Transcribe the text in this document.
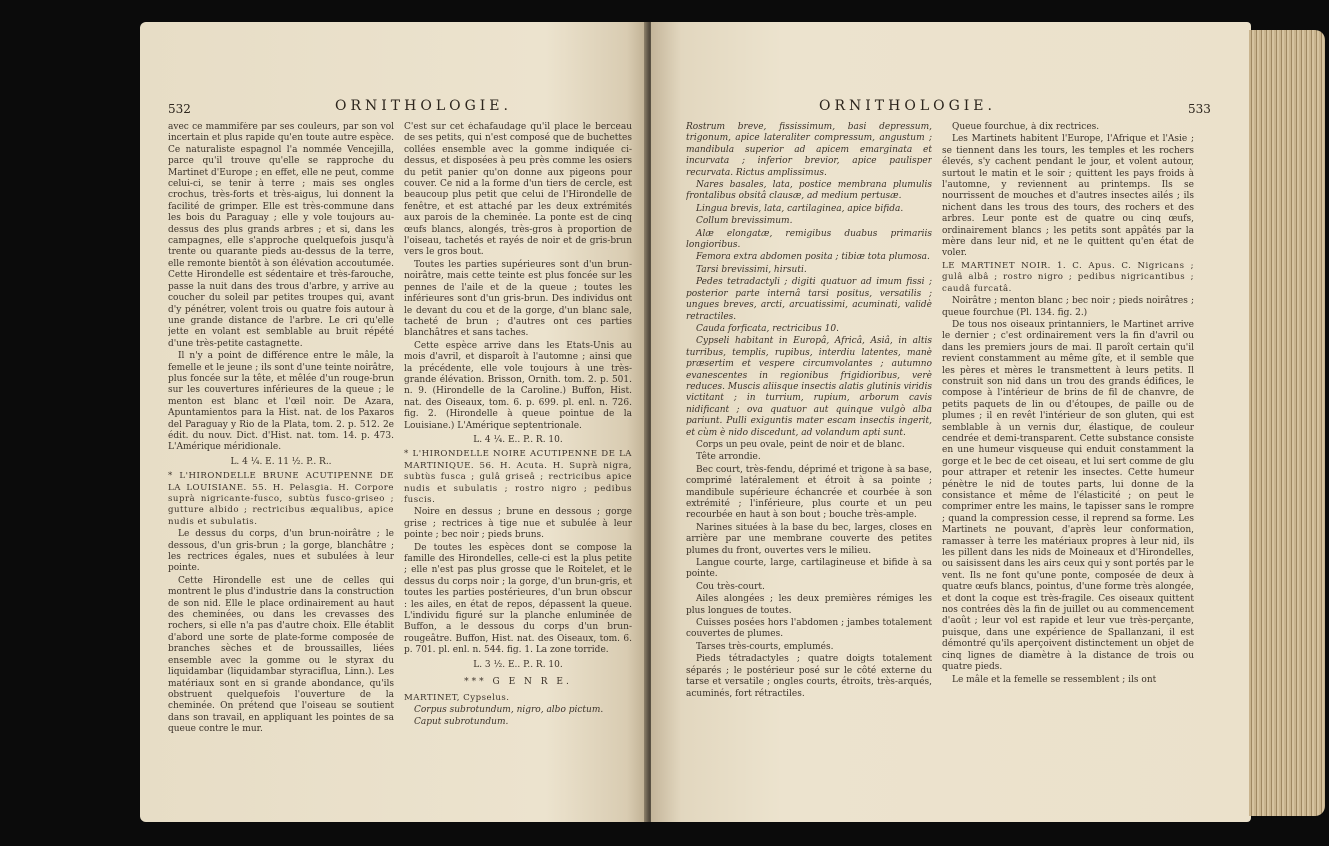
532	ORNITHOLOGIE.

avec ce mammifère par ses couleurs, par son vol incertain et plus rapide qu'en toute autre espèce. Ce naturaliste espagnol l'a nommée Vencejilla, parce qu'il trouve qu'elle se rapproche du Martinet d'Europe ; en effet, elle ne peut, comme celui-ci, se tenir à terre ; mais ses ongles crochus, très-forts et très-aigus, lui donnent la facilité de grimper. Elle est très-commune dans les bois du Paraguay ; elle y vole toujours au-dessus des plus grands arbres ; et si, dans les campagnes, elle s'approche quelquefois jusqu'à trente ou quarante pieds au-dessus de la terre, elle remonte bientôt à son élévation accoutumée. Cette Hirondelle est sédentaire et très-farouche, passe la nuit dans des trous d'arbre, y arrive au coucher du soleil par petites troupes qui, avant d'y pénétrer, volent trois ou quatre fois autour à une grande distance de l'arbre. Le cri qu'elle jette en volant est semblable au bruit répété d'une très-petite castagnette.

Il n'y a point de différence entre le mâle, la femelle et le jeune ; ils sont d'une teinte noirâtre, plus foncée sur la tête, et mêlée d'un rouge-brun sur les couvertures inférieures de la queue ; le menton est blanc et l'œil noir. De Azara, Apuntamientos para la Hist. nat. de los Paxaros del Paraguay y Rio de la Plata, tom. 2. p. 512. 2e édit. du nouv. Dict. d'Hist. nat. tom. 14. p. 473. L'Amérique méridionale.

L. 4 ¼. E. 11 ½. P.. R..

* L'HIRONDELLE BRUNE ACUTIPENNE DE LA LOUISIANE. 55. H. Pelasgia. H. Corpore suprà nigricante-fusco, subtùs fusco-griseo ; gutture albido ; rectricibus æqualibus, apice nudis et subulatis.

Le dessus du corps, d'un brun-noirâtre ; le dessous, d'un gris-brun ; la gorge, blanchâtre ; les rectrices égales, nues et subulées à leur pointe.

Cette Hirondelle est une de celles qui montrent le plus d'industrie dans la construction de son nid. Elle le place ordinairement au haut des cheminées, ou dans les crevasses des rochers, si elle n'a pas d'autre choix. Elle établit d'abord une sorte de plate-forme composée de branches sèches et de broussailles, liées ensemble avec la gomme ou le styrax du liquidambar (liquidambar styraciflua, Linn.). Les matériaux sont en si grande abondance, qu'ils obstruent quelquefois l'ouverture de la cheminée. On prétend que l'oiseau se soutient dans son travail, en appliquant les pointes de sa queue contre le mur.

C'est sur cet échafaudage qu'il place le berceau de ses petits, qui n'est composé que de buchettes collées ensemble avec la gomme indiquée ci-dessus, et disposées à peu près comme les osiers du petit panier qu'on donne aux pigeons pour couver. Ce nid a la forme d'un tiers de cercle, est beaucoup plus petit que celui de l'Hirondelle de fenêtre, et est attaché par les deux extrémités aux parois de la cheminée. La ponte est de cinq œufs blancs, alongés, très-gros à proportion de l'oiseau, tachetés et rayés de noir et de gris-brun vers le gros bout.

Toutes les parties supérieures sont d'un brun-noirâtre, mais cette teinte est plus foncée sur les pennes de l'aile et de la queue ; toutes les inférieures sont d'un gris-brun. Des individus ont le devant du cou et de la gorge, d'un blanc sale, tacheté de brun ; d'autres ont ces parties blanchâtres et sans taches.

Cette espèce arrive dans les Etats-Unis au mois d'avril, et disparoît à l'automne ; ainsi que la précédente, elle vole toujours à une très-grande élévation. Brisson, Ornith. tom. 2. p. 501. n. 9. (Hirondelle de la Caroline.) Buffon, Hist. nat. des Oiseaux, tom. 6. p. 699. pl. enl. n. 726. fig. 2. (Hirondelle à queue pointue de la Louisiane.) L'Amérique septentrionale.

L. 4 ¼. E.. P.. R. 10.

* L'HIRONDELLE NOIRE ACUTIPENNE DE LA MARTINIQUE. 56. H. Acuta. H. Suprà nigra, subtùs fusca ; gulâ griseâ ; rectricibus apice nudis et subulatis ; rostro nigro ; pedibus fuscis.

Noire en dessus ; brune en dessous ; gorge grise ; rectrices à tige nue et subulée à leur pointe ; bec noir ; pieds bruns.

De toutes les espèces dont se compose la famille des Hirondelles, celle-ci est la plus petite ; elle n'est pas plus grosse que le Roitelet, et le dessus du corps noir ; la gorge, d'un brun-gris, et toutes les parties postérieures, d'un brun obscur : les ailes, en état de repos, dépassent la queue. L'individu figuré sur la planche enluminée de Buffon, a le dessous du corps d'un brun-rougeâtre. Buffon, Hist. nat. des Oiseaux, tom. 6. p. 701. pl. enl. n. 544. fig. 1. La zone torride.

L. 3 ½. E.. P.. R. 10.

*** G E N R E.

MARTINET, Cypselus.

Corpus subrotundum, nigro, albo pictum.

Caput subrotundum.

ORNITHOLOGIE.	533

Rostrum breve, fississimum, basi depressum, trigonum, apice lateraliter compressum, angustum ; mandibula superior ad apicem emarginata et incurvata ; inferior brevior, apice paulisper recurvata. Rictus amplissimus.

Nares basales, lata, postice membrana plumulis frontalibus obsitâ clausæ, ad medium pertusæ.

Lingua brevis, lata, cartilaginea, apice bifida.

Collum brevissimum.

Alæ elongatæ, remigibus duabus primariis longioribus.

Femora extra abdomen posita ; tibiæ tota plumosa.

Tarsi brevissimi, hirsuti.

Pedes tetradactyli ; digiti quatuor ad imum fissi ; posterior parte internâ tarsi positus, versatilis ; ungues breves, arcti, arcuatissimi, acuminati, validè retractiles.

Cauda forficata, rectricibus 10.

Cypseli habitant in Europâ, Africâ, Asiâ, in altis turribus, templis, rupibus, interdiu latentes, manè præsertim et vespere circumvolantes ; autumno evanescentes in regionibus frigidioribus, verè reduces. Muscis aliisque insectis alatis glutinis viridis victitant ; in turrium, rupium, arborum cavis nidificant ; ova quatuor aut quinque vulgò alba pariunt. Pulli exiguntis mater escam insectis ingerit, et cùm è nido discedunt, ad volandum apti sunt.

Corps un peu ovale, peint de noir et de blanc.

Tête arrondie.

Bec court, très-fendu, déprimé et trigone à sa base, comprimé latéralement et étroit à sa pointe ; mandibule supérieure échancrée et courbée à son extrémité ; l'inférieure, plus courte et un peu recourbée en haut à son bout ; bouche très-ample.

Narines situées à la base du bec, larges, closes en arrière par une membrane couverte des petites plumes du front, ouvertes vers le milieu.

Langue courte, large, cartilagineuse et bifide à sa pointe.

Cou très-court.

Ailes alongées ; les deux premières rémiges les plus longues de toutes.

Cuisses posées hors l'abdomen ; jambes totalement couvertes de plumes.

Tarses très-courts, emplumés.

Pieds tétradactyles ; quatre doigts totalement séparés ; le postérieur posé sur le côté externe du tarse et versatile ; ongles courts, étroits, très-arqués, acuminés, fort rétractiles.

Queue fourchue, à dix rectrices.

Les Martinets habitent l'Europe, l'Afrique et l'Asie ; se tiennent dans les tours, les temples et les rochers élevés, s'y cachent pendant le jour, et volent autour, surtout le matin et le soir ; quittent les pays froids à l'automne, y reviennent au printemps. Ils se nourrissent de mouches et d'autres insectes ailés ; ils nichent dans les trous des tours, des rochers et des arbres. Leur ponte est de quatre ou cinq œufs, ordinairement blancs ; les petits sont appâtés par la mère dans leur nid, et ne le quittent qu'en état de voler.

LE MARTINET NOIR. 1. C. Apus. C. Nigricans ; gulâ albâ ; rostro nigro ; pedibus nigricantibus ; caudâ furcatâ.

Noirâtre ; menton blanc ; bec noir ; pieds noirâtres ; queue fourchue (Pl. 134. fig. 2.)

De tous nos oiseaux printanniers, le Martinet arrive le dernier ; c'est ordinairement vers la fin d'avril ou dans les premiers jours de mai. Il paroît certain qu'il revient constamment au même gîte, et il semble que les pères et mères le transmettent à leurs petits. Il construit son nid dans un trou des grands édifices, le compose à l'intérieur de brins de fil de chanvre, de petits paquets de lin ou d'étoupes, de paille ou de plumes ; il en revêt l'intérieur de son gluten, qui est semblable à un vernis dur, élastique, de couleur cendrée et demi-transparent. Cette substance consiste en une humeur visqueuse qui enduit constamment la gorge et le bec de cet oiseau, et lui sert comme de glu pour attraper et retenir les insectes. Cette humeur pénètre le nid de toutes parts, lui donne de la consistance et même de l'élasticité ; on peut le comprimer entre les mains, le tapisser sans le rompre ; quand la compression cesse, il reprend sa forme. Les Martinets ne pouvant, d'après leur conformation, ramasser à terre les matériaux propres à leur nid, ils les pillent dans les nids de Moineaux et d'Hirondelles, ou saisissent dans les airs ceux qui y sont portés par le vent. Ils ne font qu'une ponte, composée de deux à quatre œufs blancs, pointus, d'une forme très alongée, et dont la coque est très-fragile. Ces oiseaux quittent nos contrées dès la fin de juillet ou au commencement d'août ; leur vol est rapide et leur vue très-perçante, puisque, dans une expérience de Spallanzani, il est démontré qu'ils aperçoivent distinctement un objet de cinq lignes de diamètre à la distance de trois ou quatre pieds.

Le mâle et la femelle se ressemblent ; ils ont
